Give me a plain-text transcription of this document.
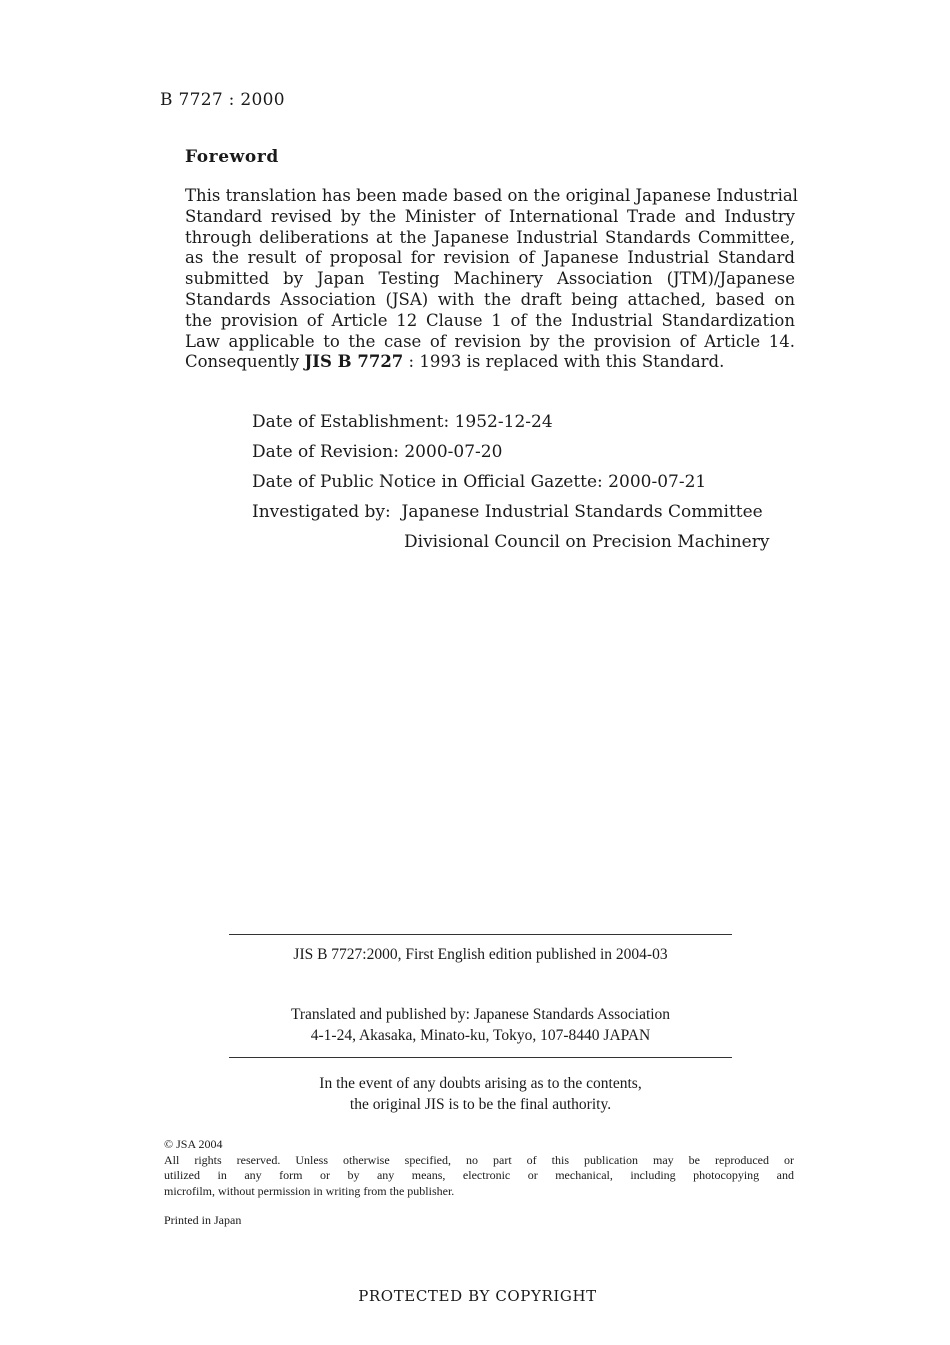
B 7727 : 2000
Foreword
This translation has been made based on the original Japanese Industrial
Standard revised by the Minister of International Trade and Industry
through deliberations at the Japanese Industrial Standards Committee,
as the result of proposal for revision of Japanese Industrial Standard
submitted by Japan Testing Machinery Association (JTM)/Japanese
Standards Association (JSA) with the draft being attached, based on
the provision of Article 12 Clause 1 of the Industrial Standardization
Law applicable to the case of revision by the provision of Article 14.
Consequently JIS B 7727 : 1993 is replaced with this Standard.
Date of Establishment: 1952-12-24
Date of Revision: 2000-07-20
Date of Public Notice in Official Gazette: 2000-07-21
Investigated by: Japanese Industrial Standards Committee
Divisional Council on Precision Machinery
JIS B 7727:2000, First English edition published in 2004-03
Translated and published by: Japanese Standards Association
4-1-24, Akasaka, Minato-ku, Tokyo, 107-8440 JAPAN
In the event of any doubts arising as to the contents,
the original JIS is to be the final authority.
© JSA 2004
All rights reserved. Unless otherwise specified, no part of this publication may be reproduced or
utilized in any form or by any means, electronic or mechanical, including photocopying and
microfilm, without permission in writing from the publisher.
Printed in Japan
PROTECTED BY COPYRIGHT
